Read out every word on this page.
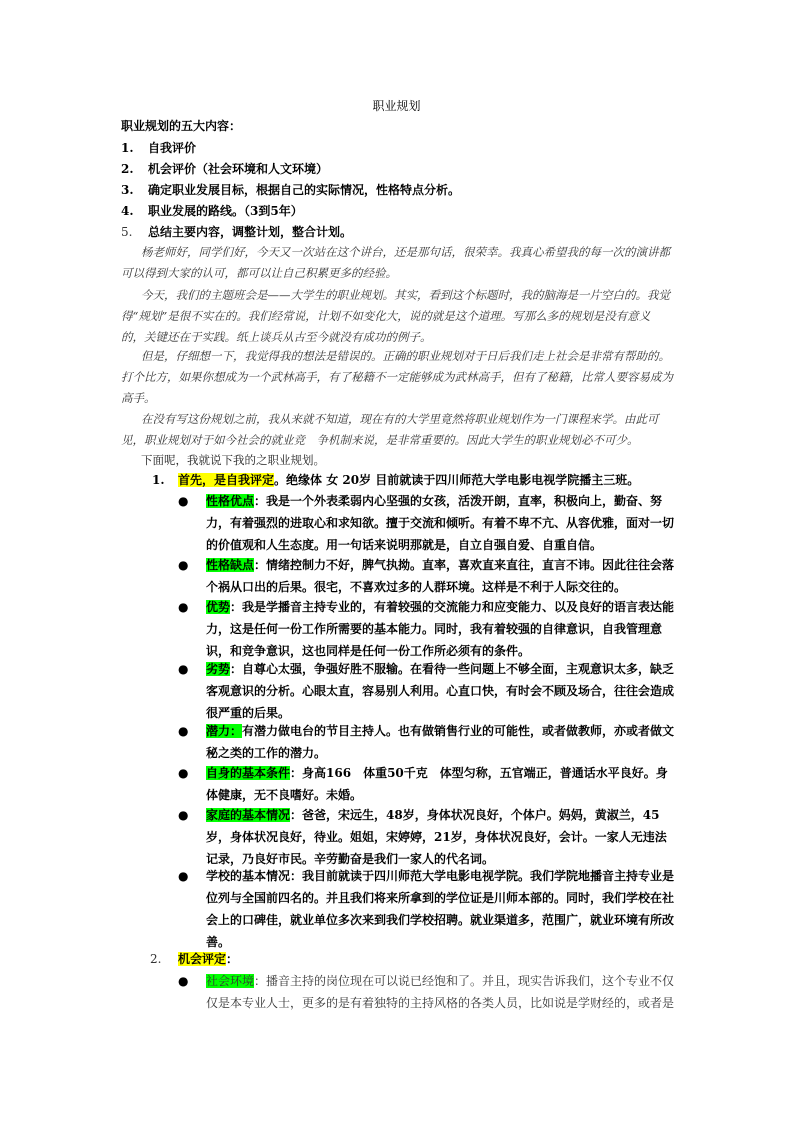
职业规划
职业规划的五大内容：
1. 自我评价
2. 机会评价（社会环境和人文环境）
3. 确定职业发展目标，根据自己的实际情况，性格特点分析。
4. 职业发展的路线。（3到5年）
5. 总结主要内容，调整计划，整合计划。
杨老师好，同学们好，今天又一次站在这个讲台，还是那句话，很荣幸。我真心希望我的每一次的演讲都可以得到大家的认可，都可以让自己积累更多的经验。
今天，我们的主题班会是——大学生的职业规划。其实，看到这个标题时，我的脑海是一片空白的。我觉得“规划”是很不实在的。我们经常说，计划不如变化大，说的就是这个道理。写那么多的规划是没有意义的，关键还在于实践。纸上谈兵从古至今就没有成功的例子。
但是，仔细想一下，我觉得我的想法是错误的。正确的职业规划对于日后我们走上社会是非常有帮助的。打个比方，如果你想成为一个武林高手，有了秘籍不一定能够成为武林高手，但有了秘籍，比常人要容易成为高手。
在没有写这份规划之前，我从来就不知道，现在有的大学里竟然将职业规划作为一门课程来学。由此可见，职业规划对于如今社会的就业竞　争机制来说，是非常重要的。因此大学生的职业规划必不可少。
下面呢，我就说下我的之职业规划。
1. 首先，是自我评定。绝缘体 女 20岁 目前就读于四川师范大学电影电视学院播主三班。
● 性格优点：我是一个外表柔弱内心坚强的女孩，活泼开朗，直率，积极向上，勤奋、努力，有着强烈的进取心和求知欲。擅于交流和倾听。有着不卑不亢、从容优雅，面对一切的价值观和人生态度。用一句话来说明那就是，自立自强自爱、自重自信。
● 性格缺点：情绪控制力不好，脾气执拗。直率，喜欢直来直往，直言不讳。因此往往会落个祸从口出的后果。很宅，不喜欢过多的人群环境。这样是不利于人际交往的。
● 优势：我是学播音主持专业的，有着较强的交流能力和应变能力、以及良好的语言表达能力，这是任何一份工作所需要的基本能力。同时，我有着较强的自律意识，自我管理意识，和竞争意识，这也同样是任何一份工作所必须有的条件。
● 劣势：自尊心太强，争强好胜不服输。在看待一些问题上不够全面，主观意识太多，缺乏客观意识的分析。心眼太直，容易别人利用。心直口快，有时会不顾及场合，往往会造成很严重的后果。
● 潜力：有潜力做电台的节目主持人。也有做销售行业的可能性，或者做教师，亦或者做文秘之类的工作的潜力。
● 自身的基本条件：身高166　体重50千克　体型匀称，五官端正，普通话水平良好。身体健康，无不良嗜好。未婚。
● 家庭的基本情况：爸爸，宋远生，48岁，身体状况良好，个体户。妈妈，黄淑兰，45岁，身体状况良好，待业。姐姐，宋婷婷，21岁，身体状况良好，会计。一家人无违法记录，乃良好市民。辛劳勤奋是我们一家人的代名词。
● 学校的基本情况：我目前就读于四川师范大学电影电视学院。我们学院地播音主持专业是位列与全国前四名的。并且我们将来所拿到的学位证是川师本部的。同时，我们学校在社会上的口碑佳，就业单位多次来到我们学校招聘。就业渠道多，范围广，就业环境有所改善。
2. 机会评定：
● 社会环境：播音主持的岗位现在可以说已经饱和了。并且，现实告诉我们，这个专业不仅仅是本专业人士，更多的是有着独特的主持风格的各类人员，比如说是学财经的，或者是
